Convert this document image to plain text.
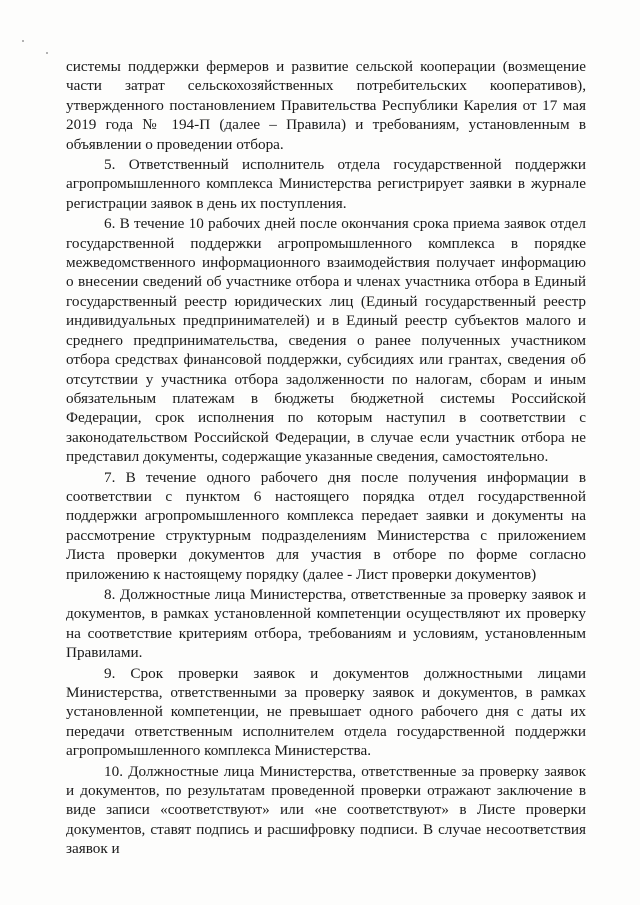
системы поддержки фермеров и развитие сельской кооперации (возмещение части затрат сельскохозяйственных потребительских кооперативов), утвержденного постановлением Правительства Республики Карелия от 17 мая 2019 года № 194-П (далее – Правила) и требованиям, установленным в объявлении о проведении отбора.

5. Ответственный исполнитель отдела государственной поддержки агропромышленного комплекса Министерства регистрирует заявки в журнале регистрации заявок в день их поступления.

6. В течение 10 рабочих дней после окончания срока приема заявок отдел государственной поддержки агропромышленного комплекса в порядке межведомственного информационного взаимодействия получает информацию о внесении сведений об участнике отбора и членах участника отбора в Единый государственный реестр юридических лиц (Единый государственный реестр индивидуальных предпринимателей) и в Единый реестр субъектов малого и среднего предпринимательства, сведения о ранее полученных участником отбора средствах финансовой поддержки, субсидиях или грантах, сведения об отсутствии у участника отбора задолженности по налогам, сборам и иным обязательным платежам в бюджеты бюджетной системы Российской Федерации, срок исполнения по которым наступил в соответствии с законодательством Российской Федерации, в случае если участник отбора не представил документы, содержащие указанные сведения, самостоятельно.

7. В течение одного рабочего дня после получения информации в соответствии с пунктом 6 настоящего порядка отдел государственной поддержки агропромышленного комплекса передает заявки и документы на рассмотрение структурным подразделениям Министерства с приложением Листа проверки документов для участия в отборе по форме согласно приложению к настоящему порядку (далее - Лист проверки документов)

8. Должностные лица Министерства, ответственные за проверку заявок и документов, в рамках установленной компетенции осуществляют их проверку на соответствие критериям отбора, требованиям и условиям, установленным Правилами.

9. Срок проверки заявок и документов должностными лицами Министерства, ответственными за проверку заявок и документов, в рамках установленной компетенции, не превышает одного рабочего дня с даты их передачи ответственным исполнителем отдела государственной поддержки агропромышленного комплекса Министерства.

10. Должностные лица Министерства, ответственные за проверку заявок и документов, по результатам проведенной проверки отражают заключение в виде записи «соответствуют» или «не соответствуют» в Листе проверки документов, ставят подпись и расшифровку подписи. В случае несоответствия заявок и
